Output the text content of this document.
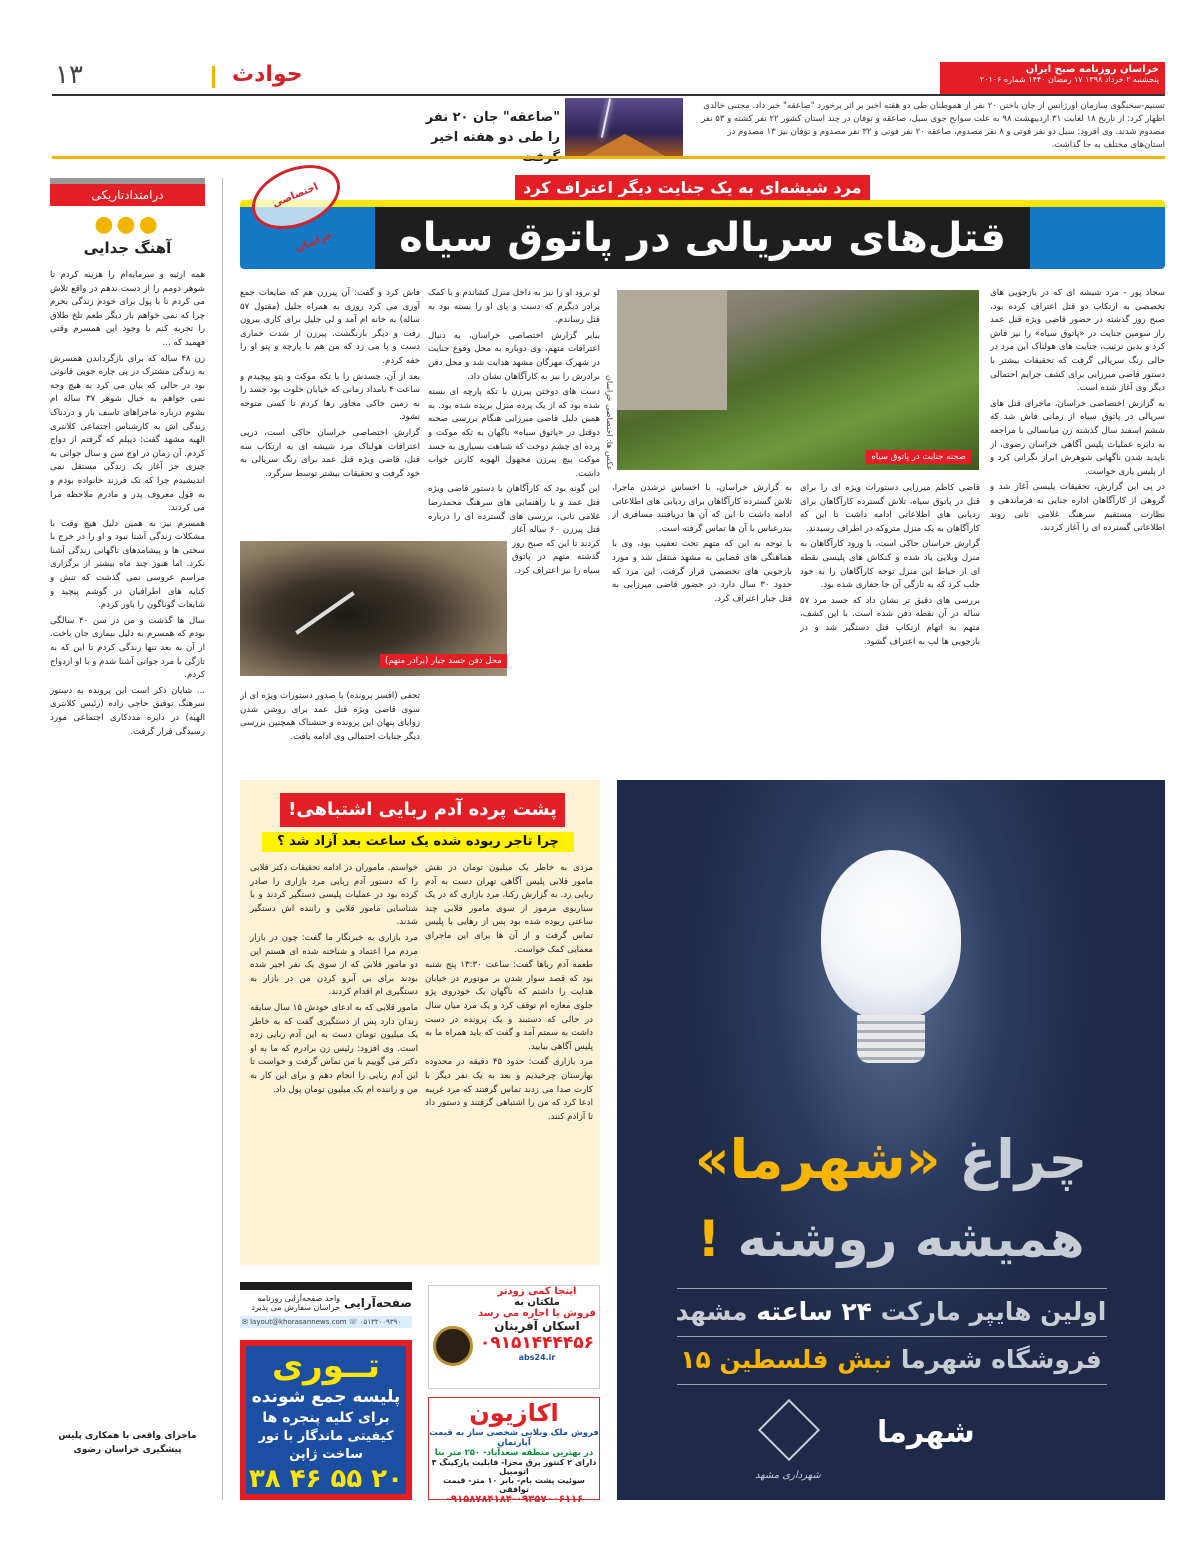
۱۳	حوادث	خراسان روزنامه صبح ایران
پنجشنبه ۲ خرداد ۱۳۹۸ ۱۷ رمضان ۱۴۴۰ شماره ۲۰۱۰۶
تسنیم-سخنگوی سازمان اورژانس از جان باختن ۲۰ نفر از هموطنان طی دو هفته اخیر بر اثر برخورد "صاعقه" خبر داد. مجتبی خالدی اظهار کرد: از تاریخ ۱۸ لغایت ۳۱ اردیبهشت ۹۸ به علت سوانح جوی سیل، صاعقه و توفان در چند استان کشور ۲۲ نفر کشته و ۵۳ نفر مصدوم شدند. وی افزود: سیل دو نفر فوتی و ۸ نفر مصدوم، صاعقه ۲۰ نفر فوتی و ۳۲ نفر مصدوم و توفان نیز ۱۳ مصدوم در استان‌های مختلف به جا گذاشت.
"صاعقه" جان ۲۰ نفر را طی دو هفته اخیر
درامتدادتاریکی
●●●
آهنگ جدایی

همه ارثیه و سرمایه‌ام را هزینه کردم تا شوهر دومم را از دست ندهم در واقع تلاش می کردم تا با پول برای خودم زندگی بخرم چرا که نمی خواهم بار دیگر طعم تلخ طلاق را تجربه کنم با وجود این همسرم وقتی فهمید که ...

زن ۴۸ ساله که برای بازگرداندن همسرش به زندگی مشترک در پی چاره جویی قانونی بود در حالی که بیان می کرد به هیچ وجه نمی خواهم به خیال شوهر ۳۷ ساله ام بشوم درباره ماجراهای تاسف بار و دردناک زندگی اش به کارشناس اجتماعی کلانتری الهیه مشهد گفت: دیپلم که گرفتم از دواج کردم. آن زمان در اوج سن و سال جوانی به چیزی جز آغاز یک زندگی مستقل نمی اندیشیدم چرا که تک فرزند خانواده بودم و به قول معروف پدر و مادرم ملاحظه مرا می کردند.

همسرم نیز به همین دلیل هیچ وقت با مشکلات زندگی آشنا نبود و او را در خرج با سختی ها و پیشامدهای ناگهانی زندگی آشنا نکرد. اما هنوز چند ماه بیشتر از برگزاری مراسم عروسی نمی گذشت که تنش و کنایه های اطرافیان در گوشم پیچید و شایعات گوناگون را باور کردم.

سال ها گذشت و من در سن ۴۰ سالگی بودم که همسرم به دلیل بیماری جان باخت. از آن به بعد تنها زندگی کردم تا این که به تازگی با مرد جوانی آشنا شدم و با او ازدواج کردم.

... شایان ذکر است این پرونده به دستور سرهنگ توفیق حاجی زاده (رئیس کلانتری الهیه) در دایره مددکاری اجتماعی مورد رسیدگی قرار گرفت.

ماجرای واقعی با همکاری پلیس
پیشگیری خراسان رضوی
مرد شیشه‌ای به یک جنایت دیگر اعتراف کرد
قتل‌های سریالی در پاتوق سیاه
اختصاصی خراسان

سجاد پور - مرد شیشه ای که در بازجویی های تخصصی به ارتکاب دو قتل اعتراف کرده بود، صبح روز گذشته در حضور قاضی ویژه قتل عمد راز سومین جنایت در «پاتوق سیاه» را نیز فاش کرد و بدین ترتیب، جنایت های هولناک این مرد در حالی رنگ سریالی گرفت که تحقیقات بیشتر با دستور قاضی میرزایی برای کشف جرایم احتمالی دیگر وی آغاز شده است.

به گزارش اختصاصی خراسان، ماجرای قتل های سریالی در پاتوق سیاه از زمانی فاش شد که ششم اسفند سال گذشته زن میانسالی با مراجعه به دایره عملیات پلیس آگاهی خراسان رضوی، از ناپدید شدن ناگهانی شوهرش ابراز نگرانی کرد و از پلیس یاری خواست.

در پی این گزارش، تحقیقات پلیسی آغاز شد و گروهی از کارآگاهان اداره جنایی به فرماندهی و نظارت مستقیم سرهنگ غلامی تانی روند اطلاعاتی گسترده ای را آغاز کردند.

صحنه جنایت در پاتوق سیاه
عکس ها: اختصاصی خراسان

قاضی کاظم میرزایی دستورات ویژه ای را برای قتل در پاتوق سیاه، تلاش گسترده کارآگاهان برای ردیابی های اطلاعاتی ادامه داشت تا این که کارآگاهان به یک منزل متروکه در اطراف رسیدند.

گزارش خراسان حاکی است، با ورود کارآگاهان به منزل ویلایی یاد شده و کنکاش های پلیسی نقطه ای از حیاط این منزل توجه کارآگاهان را به خود جلب کرد که به تازگی آن جا حفاری شده بود.

بررسی های دقیق تر نشان داد که جسد مرد ۵۷ ساله در آن نقطه دفن شده است. با این کشف، متهم به اتهام ارتکاب قتل دستگیر شد و در بازجویی ها لب به اعتراف گشود.

به گزارش خراسان، با احساس ترشدن ماجرا، تلاش گسترده کارآگاهان برای ردیابی های اطلاعاتی ادامه داشت تا این که آن ها دریافتند مسافری از بندرعباس با آن ها تماس گرفته است.

با توجه به این که متهم تحت تعقیب بود، وی با هماهنگی های قضایی به مشهد منتقل شد و مورد بازجویی های تخصصی قرار گرفت. این مرد که حدود ۳۰ سال دارد در حضور قاضی میرزایی به قتل جبار اعتراف کرد.

لو برود او را نیز به داخل منزل کشاندم و با کمک برادر دیگرم که دست و پای او را بسته بود به قتل رساندم.

بنابر گزارش اختصاصی خراسان، به دنبال اعترافات متهم، وی دوباره به محل وقوع جنایت در شهرک مهرگان مشهد هدایت شد و محل دفن برادرش را نیز به کارآگاهان نشان داد.

دست های دوختن پیرزن با تکه پارچه ای بسته شده بود که از یک پرده منزل بریده شده بود. به همین دلیل قاضی میرزایی هنگام بررسی صحنه دوقتل در «پاتوق سیاه» ناگهان به تکه موکت و پرده ای چشم دوخت که شباهت بسیاری به جسد موکت پیچ پیرزن مجهول الهویه کارتن خواب داشت.

این گونه بود که کارآگاهان با دستور قاضی ویژه قتل عمد و با راهنمایی های سرهنگ محمدرضا غلامی تانی، بررسی های گسترده ای را درباره قتل پیرزن ۶۰ ساله آغاز کردند تا این که صبح روز گذشته متهم در پاتوق سیاه را نیز اعتراف کرد.

محل دفن جسد جبار (برادر متهم)

فاش کرد و گفت: آن پیرزن هم که ضایعات جمع آوری می کرد روزی به همراه جلیل (مقتول ۵۷ ساله) به خانه ام آمد و لی جلیل برای کاری بیرون رفت و دیگر بازنگشت. پیرزن از شدت خماری دست و پا می زد که من هم با پارچه و پتو او را خفه کردم.

بعد از آن، جسدش را با تکه موکت و پتو پیچیدم و ساعت ۴ بامداد زمانی که خیابان خلوت بود جسد را به زمین خاکی مجاور رها کردم تا کسی متوجه نشود.

گزارش اختصاصی خراسان حاکی است، درپی اعترافات هولناک مرد شیشه ای به ارتکاب سه قتل، قاضی ویژه قتل عمد برای رنگ سریالی به خود گرفت و تحقیقات بیشتر توسط سرگرد.

تجفی (افسر پرونده) با صدور دستورات ویژه ای از سوی قاضی ویژه قتل عمد برای روشن شدن زوایای پنهان این پرونده و حتشناک همچنین بررسی دیگر جنایات احتمالی وی ادامه یافت.

پشت پرده آدم ربایی اشتباهی!
چرا تاجر ربوده شده یک ساعت بعد آزاد شد ؟

مردی به خاطر یک میلیون تومان در نقش مامور قلابی پلیس آگاهی تهران دست به آدم ربایی زد. به گزارش رکنا، مرد بازاری که در یک سناریوی مرموز از سوی مامور قلابی چند ساعتی ربوده شده بود پس از رهایی با پلیس تماس گرفت و از آن ها برای این ماجرای معمایی کمک خواست.

طعمه آدم رباها گفت: ساعت ۱۳:۳۰ پنج شنبه بود که قصد سوار شدن بر موتورم در خیابان هدایت را داشتم که ناگهان یک خودروی پژو جلوی مغازه ام توقف کرد و یک مرد میان سال در حالی که دستبند و یک پرونده در دست داشت به سمتم آمد و گفت که باید همراه ما به پلیس آگاهی بیایید.

مرد بازاری گفت: حدود ۴۵ دقیقه در محدوده بهارستان چرخیدیم و بعد به یک نفر دیگر با کارت صدا می زدند تماس گرفتند که مرد غریبه ادعا کرد که من را اشتباهی گرفتند و دستور داد تا آزادم کنند.

خواستم. ماموران در ادامه تحقیقات دکتر قلابی را که دستور آدم ربایی مرد بازاری را صادر کرده بود در عملیات پلیسی دستگیر کردند و با شناسایی مامور قلابی و راننده اش دستگیر شدند.

مرد بازاری به خبرنگار ما گفت: چون در بازار مردم مرا اعتماد و شناخته شده ای هستم این دو مامور قلابی که از سوی یک نفر اجیر شده بودند برای بی آبرو کردن من در بازار به دستگیری ام اقدام کردند.

مامور قلابی که به ادعای خودش ۱۵ سال سابقه زندان دارد پس از دستگیری گفت که به خاطر یک میلیون تومان دست به این آدم ربایی زده است. وی افزود: رئیس زن برادرم که ما به او دکتر می گوییم با من تماس گرفت و خواست تا این آدم ربایی را انجام دهم و برای این کار به من و راننده ام یک میلیون تومان پول داد.

چراغ «شهرما»
همیشه روشنه !
اولین هایپر مارکت ۲۴ ساعته مشهد
فروشگاه شهرما نبش فلسطین ۱۵
شهرما
شهرداری مشهد
صفحه‌آرایی
واحد صفحه‌آرایی روزنامه خراسان سفارش می پذیرد
✉ layout@khorasannews.com ☏ ۰۵۱۳۲۰۰۹۳۹۰
تــوری
پلیسه جمع شونده
برای کلیه پنجره ها
کیفیتی ماندگار با تور ساخت ژاپن
۳۸ ۴۶ ۵۵ ۲۰
اینجا کمی زودتر
ملکتان به
فروش یا اجاره می رسد
اسکان آفرینان
۰۹۱۵۱۴۴۴۴۵۶
abs24.ir
اکازیون
فروش ملک ویلایی شخصی ساز به قیمت آپارتمان
در بهترین منطقه سعدآباد- ۲۵۰ متر بنا
دارای ۲ کنتور برق مجزا- قابلیت پارکینگ ۳ اتومبیل
سوئیت پشت بام- بابر ۱۰ متر- قیمت توافقی
۰۹۱۵۸۷۸۴۱۸۴-۰۹۳۵۷۰۰۶۱۱۶
